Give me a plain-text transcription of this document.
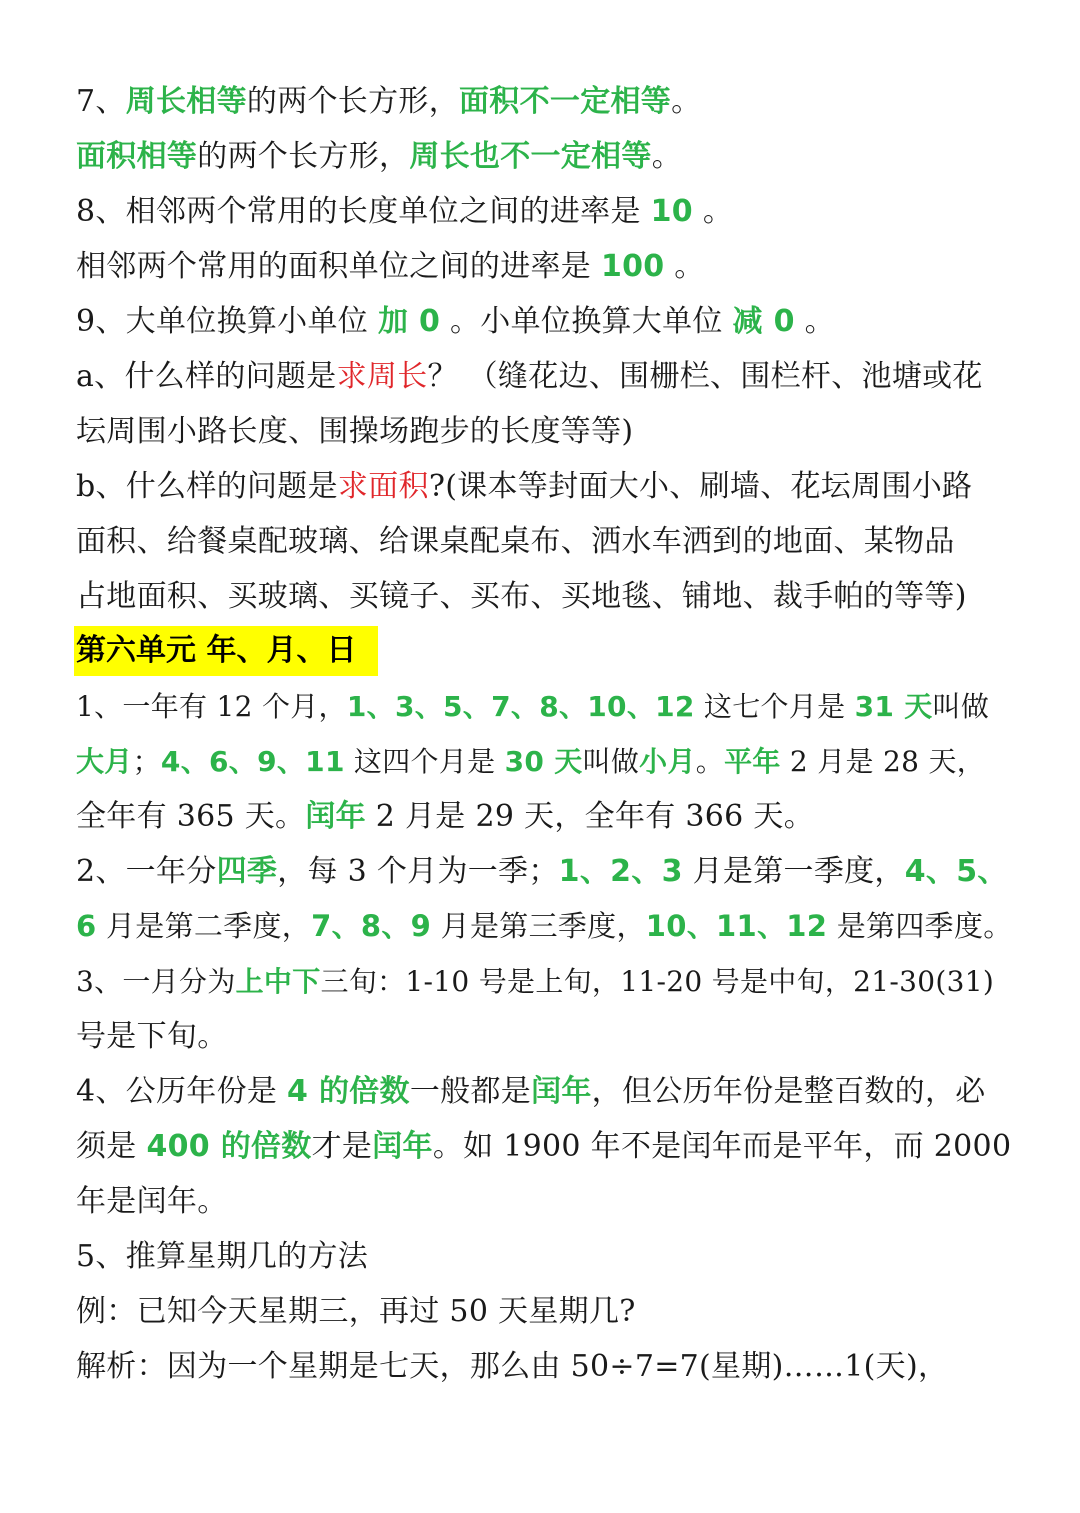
7、周长相等的两个长方形，面积不一定相等。
面积相等的两个长方形，周长也不一定相等。
8、相邻两个常用的长度单位之间的进率是 10 。
相邻两个常用的面积单位之间的进率是 100 。
9、大单位换算小单位 加 0 。小单位换算大单位 减 0 。
a、什么样的问题是求周长？ （缝花边、围栅栏、围栏杆、池塘或花
坛周围小路长度、围操场跑步的长度等等)
b、什么样的问题是求面积?(课本等封面大小、刷墙、花坛周围小路
面积、给餐桌配玻璃、给课桌配桌布、洒水车洒到的地面、某物品
占地面积、买玻璃、买镜子、买布、买地毯、铺地、裁手帕的等等)
第六单元 年、月、日
1、一年有 12 个月，1、3、5、7、8、10、12 这七个月是 31 天叫做
大月；4、6、9、11 这四个月是 30 天叫做小月。平年 2 月是 28 天，
全年有 365 天。闰年 2 月是 29 天，全年有 366 天。
2、一年分四季，每 3 个月为一季；1、2、3 月是第一季度，4、5、
6 月是第二季度，7、8、9 月是第三季度，10、11、12 是第四季度。
3、一月分为上中下三旬：1-10 号是上旬，11-20 号是中旬，21-30(31)
号是下旬。
4、公历年份是 4 的倍数一般都是闰年，但公历年份是整百数的，必
须是 400 的倍数才是闰年。如 1900 年不是闰年而是平年，而 2000
年是闰年。
5、推算星期几的方法
例：已知今天星期三，再过 50 天星期几?
解析：因为一个星期是七天，那么由 50÷7=7(星期)……1(天)，
